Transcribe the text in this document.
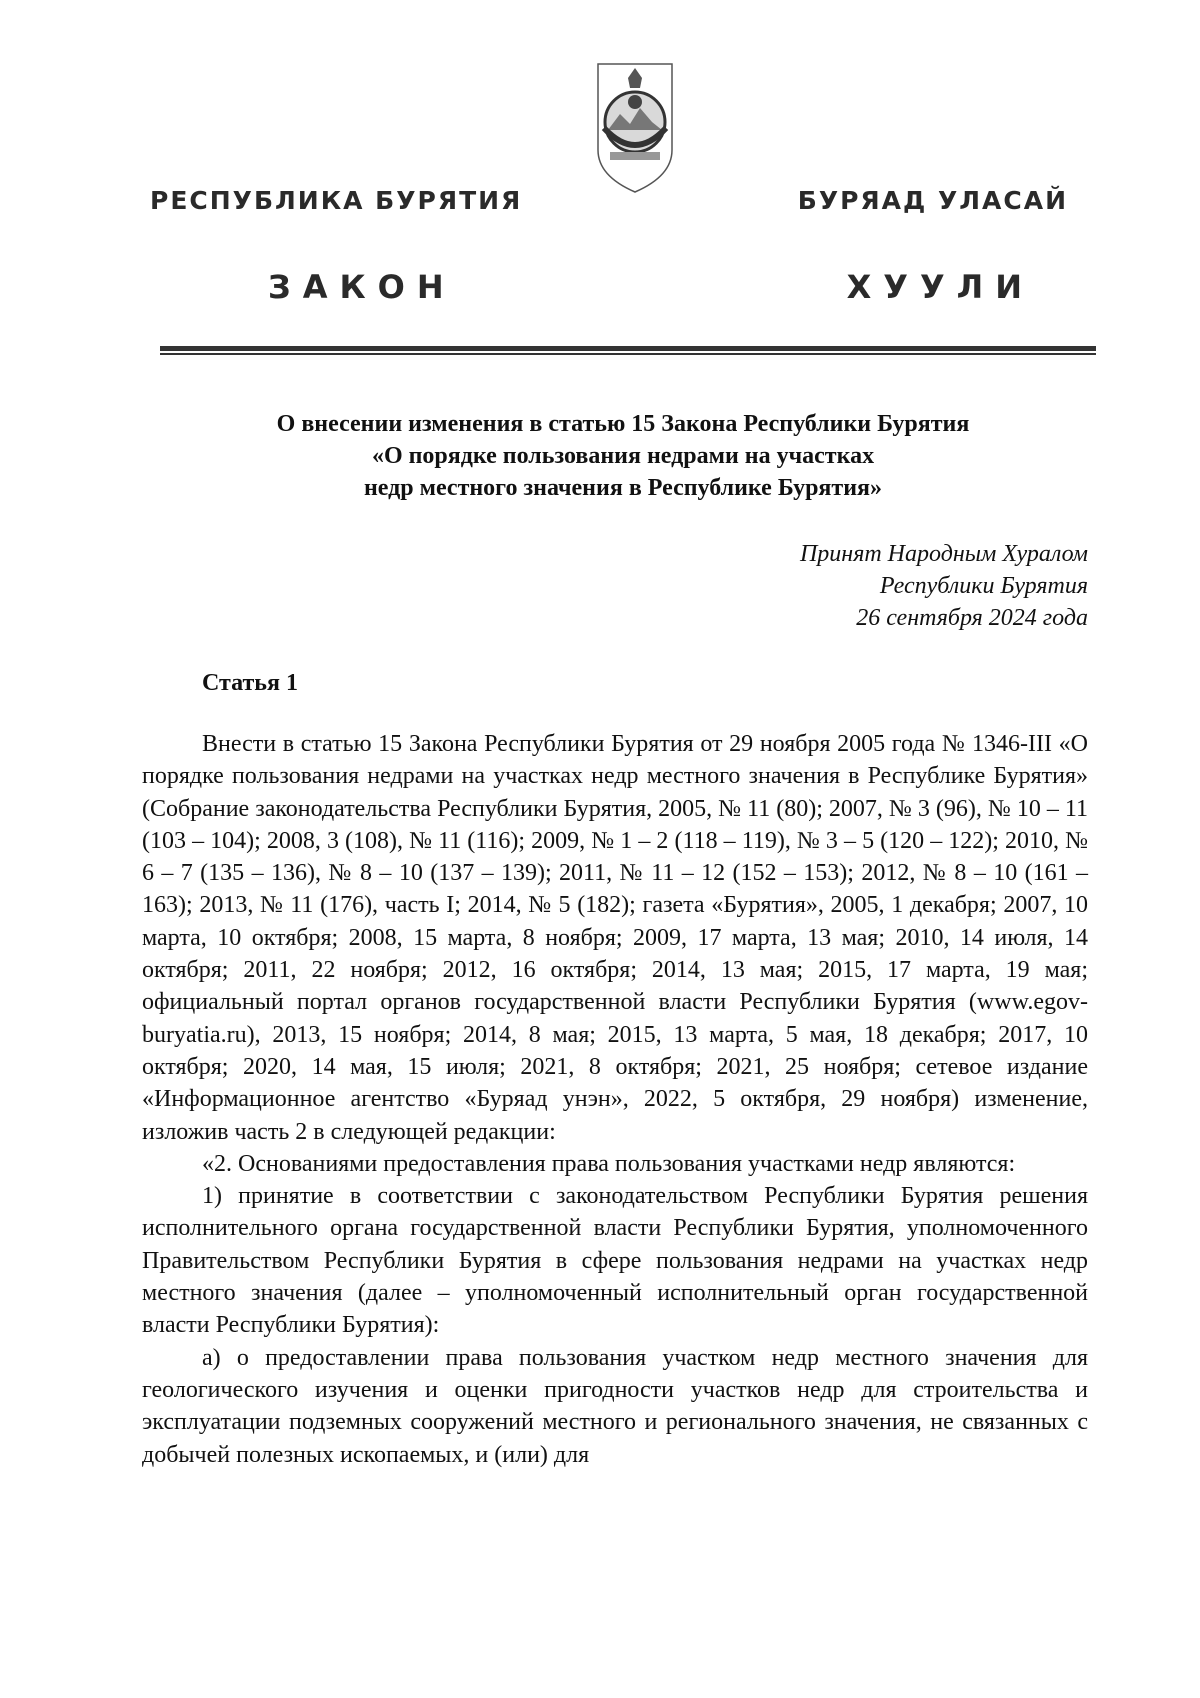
РЕСПУБЛИКА БУРЯТИЯ	БУРЯАД УЛАСАЙ
ЗАКОН	ХУУЛИ
О внесении изменения в статью 15 Закона Республики Бурятия
«О порядке пользования недрами на участках
недр местного значения в Республике Бурятия»
Принят Народным Хуралом
Республики Бурятия
26 сентября 2024 года
Статья 1

Внести в статью 15 Закона Республики Бурятия от 29 ноября 2005 года № 1346-III «О порядке пользования недрами на участках недр местного значения в Республике Бурятия» (Собрание законодательства Республики Бурятия, 2005, № 11 (80); 2007, № 3 (96), № 10 – 11 (103 – 104); 2008, 3 (108), № 11 (116); 2009, № 1 – 2 (118 – 119), № 3 – 5 (120 – 122); 2010, № 6 – 7 (135 – 136), № 8 – 10 (137 – 139); 2011, № 11 – 12 (152 – 153); 2012, № 8 – 10 (161 – 163); 2013, № 11 (176), часть I; 2014, № 5 (182); газета «Бурятия», 2005, 1 декабря; 2007, 10 марта, 10 октября; 2008, 15 марта, 8 ноября; 2009, 17 марта, 13 мая; 2010, 14 июля, 14 октября; 2011, 22 ноября; 2012, 16 октября; 2014, 13 мая; 2015, 17 марта, 19 мая; официальный портал органов государственной власти Республики Бурятия (www.egov-buryatia.ru), 2013, 15 ноября; 2014, 8 мая; 2015, 13 марта, 5 мая, 18 декабря; 2017, 10 октября; 2020, 14 мая, 15 июля; 2021, 8 октября; 2021, 25 ноября; сетевое издание «Информационное агентство «Буряад унэн», 2022, 5 октября, 29 ноября) изменение, изложив часть 2 в следующей редакции:

«2. Основаниями предоставления права пользования участками недр являются:

1) принятие в соответствии с законодательством Республики Бурятия решения исполнительного органа государственной власти Республики Бурятия, уполномоченного Правительством Республики Бурятия в сфере пользования недрами на участках недр местного значения (далее – уполномоченный исполнительный орган государственной власти Республики Бурятия):

а) о предоставлении права пользования участком недр местного значения для геологического изучения и оценки пригодности участков недр для строительства и эксплуатации подземных сооружений местного и регионального значения, не связанных с добычей полезных ископаемых, и (или) для
